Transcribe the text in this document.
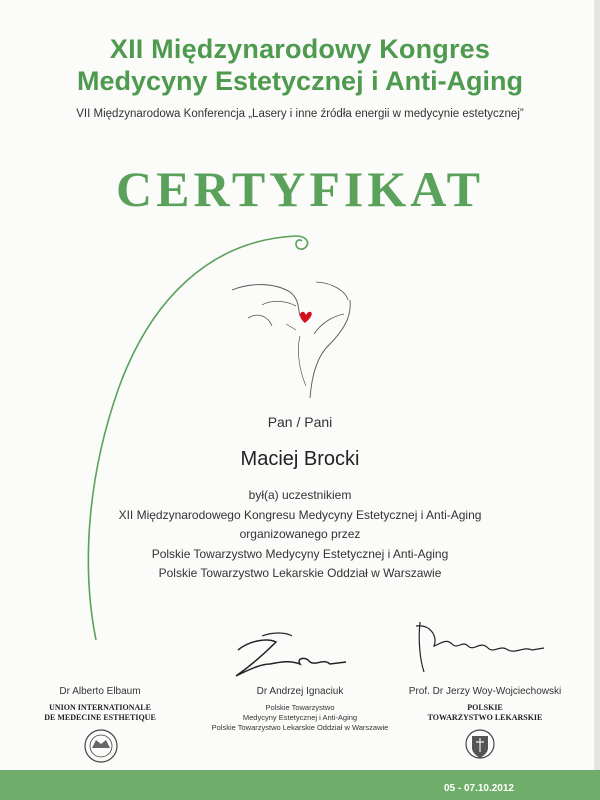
XII Międzynarodowy Kongres
Medycyny Estetycznej i Anti-Aging
VII Międzynarodowa Konferencja „Lasery i inne źródła energii w medycynie estetycznej”
CERTYFIKAT
Pan / Pani
Maciej Brocki
był(a) uczestnikiem
XII Międzynarodowego Kongresu Medycyny Estetycznej i Anti-Aging
organizowanego przez
Polskie Towarzystwo Medycyny Estetycznej i Anti-Aging
Polskie Towarzystwo Lekarskie Oddział w Warszawie
Dr Alberto Elbaum
UNION INTERNATIONALE
DE MEDECINE ESTHETIQUE
Dr Andrzej Ignaciuk
Polskie Towarzystwo
Medycyny Estetycznej i Anti-Aging
Polskie Towarzystwo Lekarskie Oddział w Warszawie
Prof. Dr Jerzy Woy-Wojciechowski
POLSKIE
TOWARZYSTWO LEKARSKIE
05 - 07.10.2012
